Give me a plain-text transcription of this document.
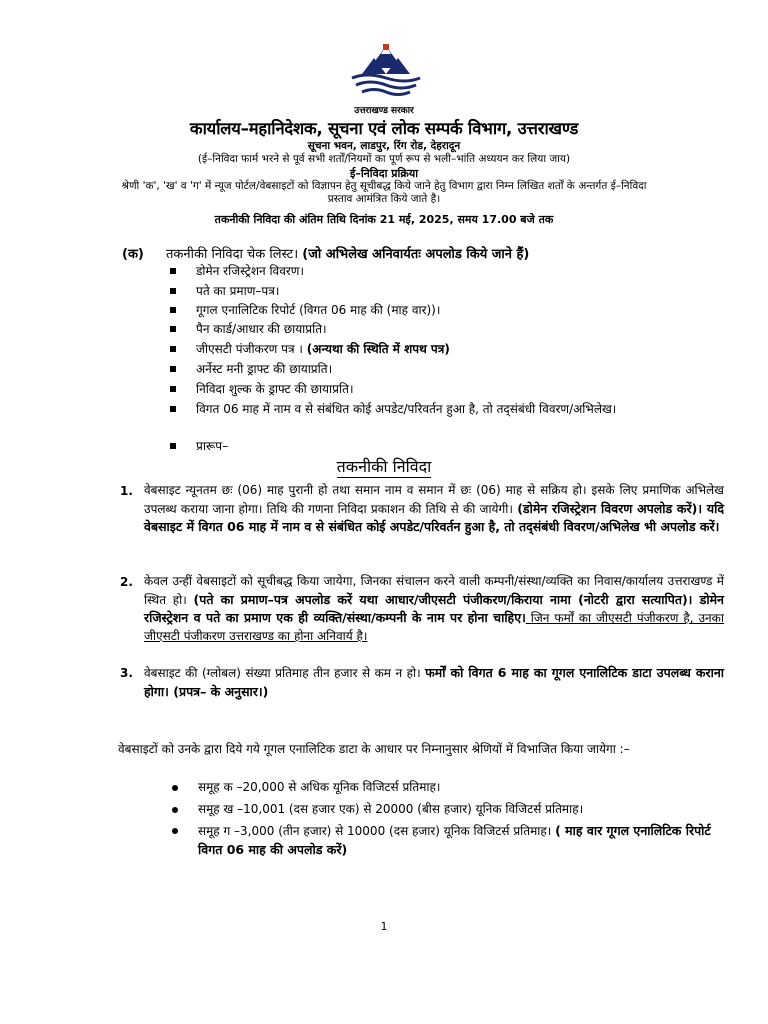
उत्तराखण्ड सरकार
कार्यालय–महानिदेशक, सूचना एवं लोक सम्पर्क विभाग, उत्तराखण्ड
सूचना भवन, लाडपुर, रिंग रोड, देहरादून
(ई–निविदा फार्म भरने से पूर्व सभी शर्तों/नियमों का पूर्ण रूप से भली–भांति अध्ययन कर लिया जाय)
ई–निविदा प्रक्रिया
श्रेणी 'क', 'ख' व 'ग' में न्यूज पोर्टल/वेबसाइटों को विज्ञापन हेतु सूचीबद्ध किये जाने हेतु विभाग द्वारा निम्न लिखित शर्तों के अन्तर्गत ई–निविदा प्रस्ताव आमंत्रित किये जाते है।
तकनीकी निविदा की अंतिम तिथि दिनांक 21 मई, 2025, समय 17.00 बजे तक
(क) तकनीकी निविदा चेक लिस्ट। (जो अभिलेख अनिवार्यतः अपलोड किये जाने हैं)
डोमेन रजिस्ट्रेशन विवरण।
पते का प्रमाण–पत्र।
गूगल एनालिटिक रिपोर्ट (विगत 06 माह की (माह वार))।
पैन कार्ड/आधार की छायाप्रति।
जीएसटी पंजीकरण पत्र । (अन्यथा की स्थिति में शपथ पत्र)
अर्नेस्ट मनी ड्राफ्ट की छायाप्रति।
निविदा शुल्क के ड्राफ्ट की छायाप्रति।
विगत 06 माह में नाम व से संबंधित कोई अपडेट/परिवर्तन हुआ है, तो तद्संबंधी विवरण/अभिलेख।
प्रारूप–
तकनीकी निविदा
1. वेबसाइट न्यूनतम छः (06) माह पुरानी हो तथा समान नाम व समान में छः (06) माह से सक्रिय हो। इसके लिए प्रमाणिक अभिलेख उपलब्ध कराया जाना होगा। तिथि की गणना निविदा प्रकाशन की तिथि से की जायेगी। (डोमेन रजिस्ट्रेशन विवरण अपलोड करें)। यदि वेबसाइट में विगत 06 माह में नाम व से संबंधित कोई अपडेट/परिवर्तन हुआ है, तो तद्संबंधी विवरण/अभिलेख भी अपलोड करें।
2. केवल उन्हीं वेबसाइटों को सूचीबद्ध किया जायेगा, जिनका संचालन करने वाली कम्पनी/संस्था/व्यक्ति का निवास/कार्यालय उत्तराखण्ड में स्थित हो। (पते का प्रमाण–पत्र अपलोड करें यथा आधार/जीएसटी पंजीकरण/किराया नामा (नोटरी द्वारा सत्यापित)। डोमेन रजिस्ट्रेशन व पते का प्रमाण एक ही व्यक्ति/संस्था/कम्पनी के नाम पर होना चाहिए। जिन फर्मों का जीएसटी पंजीकरण है, उनका जीएसटी पंजीकरण उत्तराखण्ड का होना अनिवार्य है।
3. वेबसाइट की (ग्लोबल) संख्या प्रतिमाह तीन हजार से कम न हो। फर्मों को विगत 6 माह का गूगल एनालिटिक डाटा उपलब्ध कराना होगा। (प्रपत्र– के अनुसार।)
वेबसाइटों को उनके द्वारा दिये गये गूगल एनालिटिक डाटा के आधार पर निम्नानुसार श्रेणियों में विभाजित किया जायेगा :–
समूह क –20,000 से अधिक यूनिक विजिटर्स प्रतिमाह।
समूह ख –10,001 (दस हजार एक) से 20000 (बीस हजार) यूनिक विजिटर्स प्रतिमाह।
समूह ग –3,000 (तीन हजार) से 10000 (दस हजार) यूनिक विजिटर्स प्रतिमाह। ( माह वार गूगल एनालिटिक रिपोर्ट विगत 06 माह की अपलोड करें)
1
